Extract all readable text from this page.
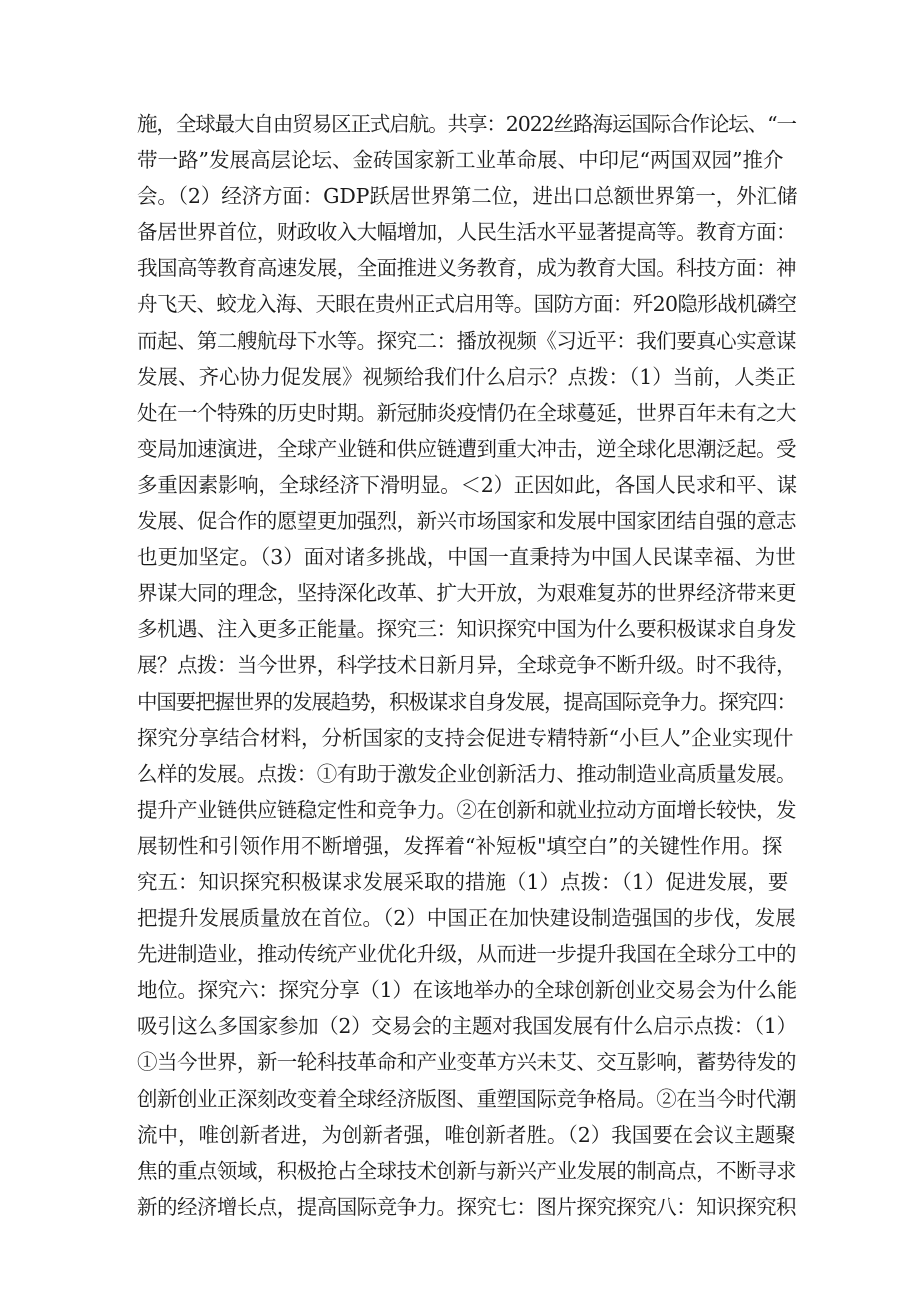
施，全球最大自由贸易区正式启航。共享：2022丝路海运国际合作论坛、“一
带一路”发展高层论坛、金砖国家新工业革命展、中印尼“两国双园”推介
会。（2）经济方面：GDP跃居世界第二位，进出口总额世界第一，外汇储
备居世界首位，财政收入大幅增加，人民生活水平显著提高等。教育方面：
我国高等教育高速发展，全面推进义务教育，成为教育大国。科技方面：神
舟飞天、蛟龙入海、天眼在贵州正式启用等。国防方面：歼20隐形战机磷空
而起、第二艘航母下水等。探究二：播放视频《习近平：我们要真心实意谋
发展、齐心协力促发展》视频给我们什么启示？点拨：（1）当前，人类正
处在一个特殊的历史时期。新冠肺炎疫情仍在全球蔓延，世界百年未有之大
变局加速演进，全球产业链和供应链遭到重大冲击，逆全球化思潮泛起。受
多重因素影响，全球经济下滑明显。＜2）正因如此，各国人民求和平、谋
发展、促合作的愿望更加强烈，新兴市场国家和发展中国家团结自强的意志
也更加坚定。（3）面对诸多挑战，中国一直秉持为中国人民谋幸福、为世
界谋大同的理念，坚持深化改革、扩大开放，为艰难复苏的世界经济带来更
多机遇、注入更多正能量。探究三：知识探究中国为什么要积极谋求自身发
展？点拨：当今世界，科学技术日新月异，全球竞争不断升级。时不我待，
中国要把握世界的发展趋势，积极谋求自身发展，提高国际竞争力。探究四：
探究分享结合材料，分析国家的支持会促进专精特新“小巨人”企业实现什
么样的发展。点拨：①有助于激发企业创新活力、推动制造业高质量发展。
提升产业链供应链稳定性和竞争力。②在创新和就业拉动方面增长较快，发
展韧性和引领作用不断增强，发挥着“补短板"填空白”的关键性作用。探
究五：知识探究积极谋求发展采取的措施（1）点拨：（1）促进发展，要
把提升发展质量放在首位。（2）中国正在加快建设制造强国的步伐，发展
先进制造业，推动传统产业优化升级，从而进一步提升我国在全球分工中的
地位。探究六：探究分享（1）在该地举办的全球创新创业交易会为什么能
吸引这么多国家参加（2）交易会的主题对我国发展有什么启示点拨：（1）
①当今世界，新一轮科技革命和产业变革方兴未艾、交互影响，蓄势待发的
创新创业正深刻改变着全球经济版图、重塑国际竞争格局。②在当今时代潮
流中，唯创新者进，为创新者强，唯创新者胜。（2）我国要在会议主题聚
焦的重点领域，积极抢占全球技术创新与新兴产业发展的制高点，不断寻求
新的经济增长点，提高国际竞争力。探究七：图片探究探究八：知识探究积
